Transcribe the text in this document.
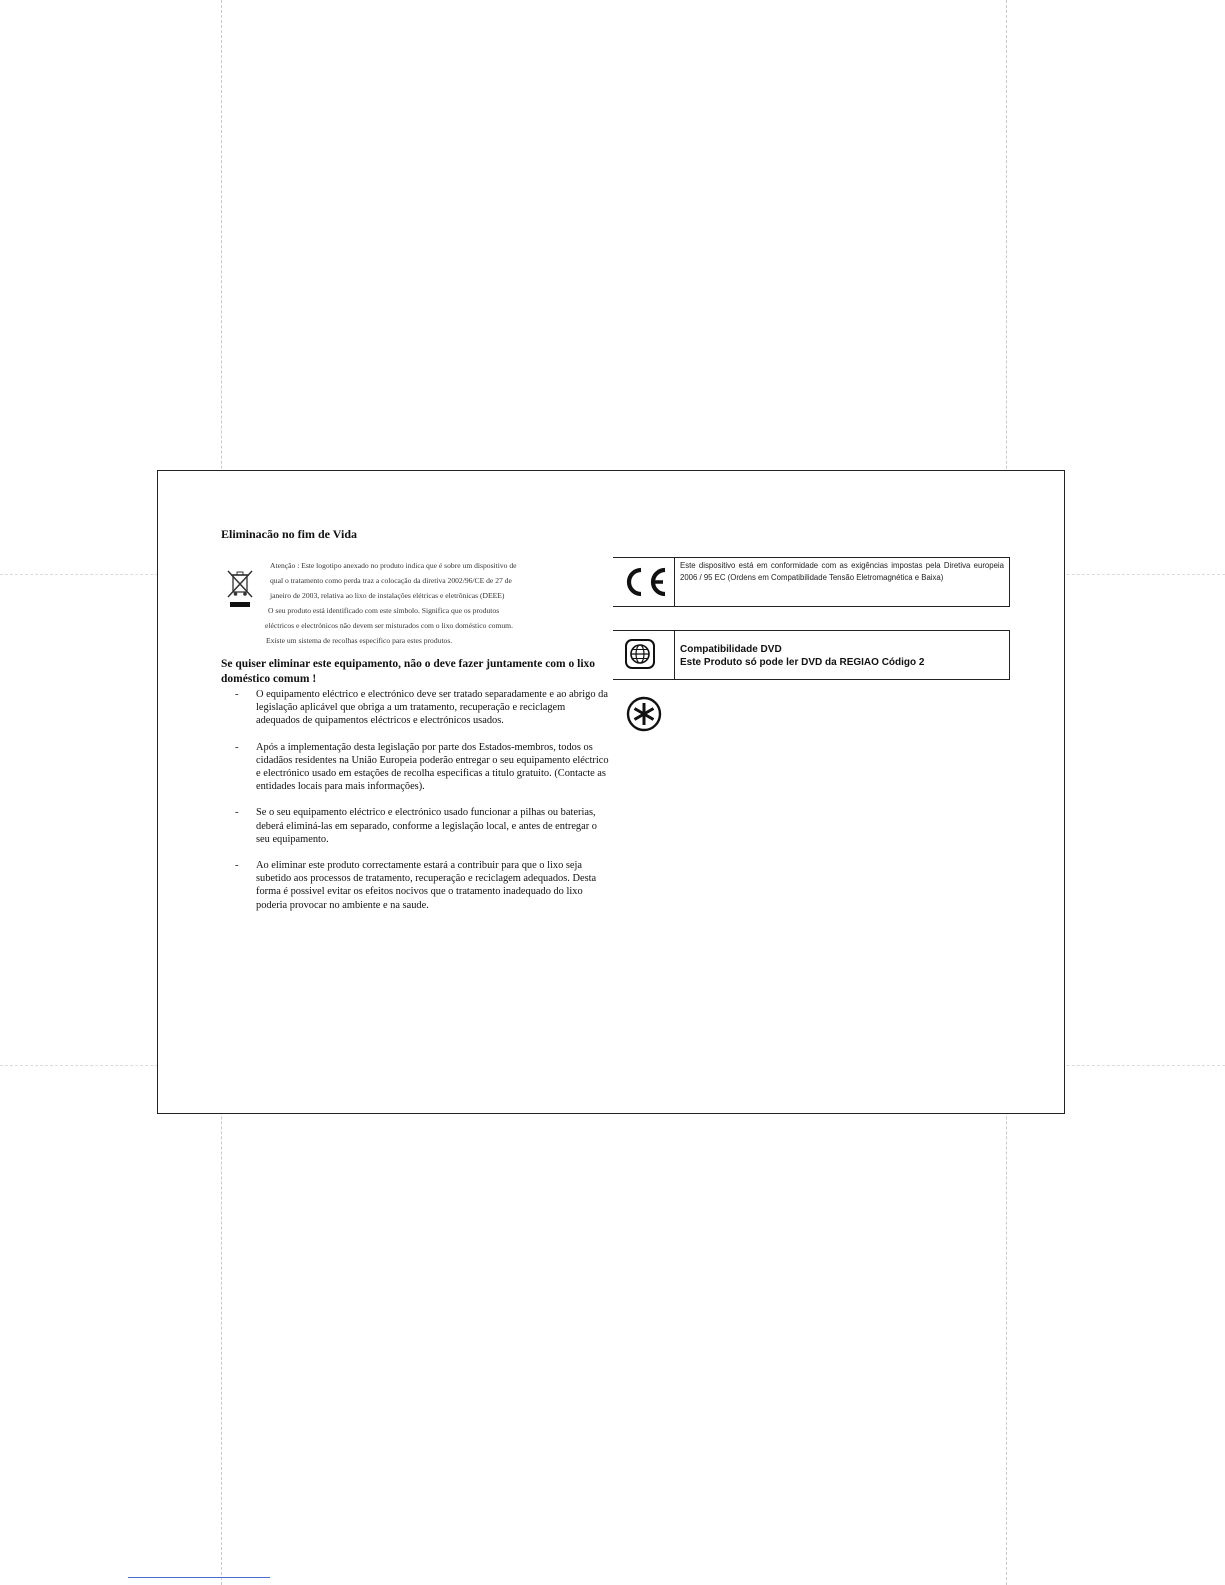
Eliminacão no fim de Vida

Atenção : Este logotipo anexado no produto indica que é sobre um dispositivo de
qual o tratamento como perda traz a colocação da diretiva 2002/96/CE de 27 de
janeiro de 2003, relativa ao lixo de instalações elétricas e eletrônicas (DEEE)
O seu produto está identificado com este símbolo. Significa que os produtos
eléctricos e electrónicos não devem ser misturados com o lixo doméstico comum.
Existe um sistema de recolhas especifico para estes produtos.

Se quiser eliminar este equipamento, não o deve fazer juntamente com o lixo doméstico comum !

- O equipamento eléctrico e electrónico deve ser tratado separadamente e ao abrigo da legislação aplicável que obriga a um tratamento, recuperação e reciclagem adequados de quipamentos eléctricos e electrónicos usados.
- Após a implementação desta legislação por parte dos Estados-membros, todos os cidadãos residentes na União Europeia poderão entregar o seu equipamento eléctrico e electrónico usado em estações de recolha especificas a titulo gratuito. (Contacte as entidades locais para mais informações).
- Se o seu equipamento eléctrico e electrónico usado funcionar a pilhas ou baterias, deberá eliminá-las em separado, conforme a legislação local, e antes de entregar o seu equipamento.
- Ao eliminar este produto correctamente estará a contribuir para que o lixo seja subetido aos processos de tratamento, recuperação e reciclagem adequados. Desta forma é possivel evitar os efeitos nocivos que o tratamento inadequado do lixo poderia provocar no ambiente e na saude.

Este dispositivo está em conformidade com as exigências impostas pela Diretiva europeia 2006 / 95 EC (Ordens em Compatibilidade Tensão Eletromagnética e Baixa)

Compatibilidade DVD

Este Produto só pode ler DVD da REGIAO Código 2
